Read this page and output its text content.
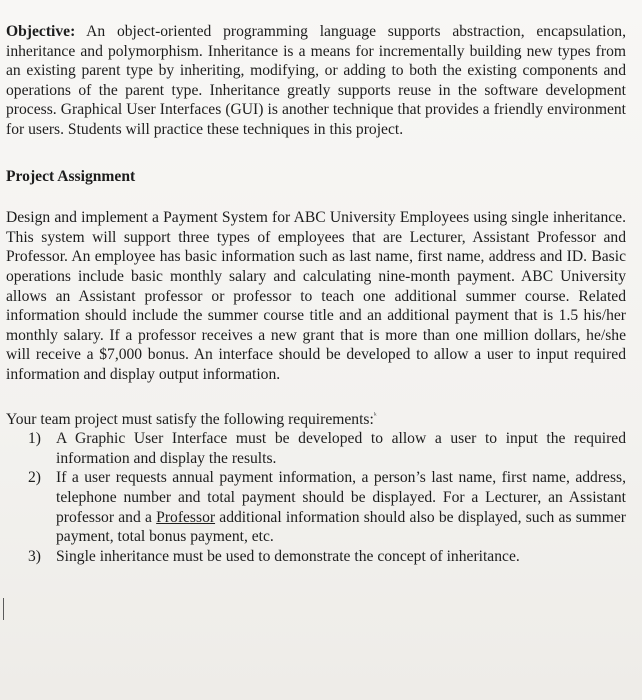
Objective: An object-oriented programming language supports abstraction, encapsulation, inheritance and polymorphism. Inheritance is a means for incrementally building new types from an existing parent type by inheriting, modifying, or adding to both the existing components and operations of the parent type. Inheritance greatly supports reuse in the software development process. Graphical User Interfaces (GUI) is another technique that provides a friendly environment for users. Students will practice these techniques in this project.

Project Assignment

Design and implement a Payment System for ABC University Employees using single inheritance. This system will support three types of employees that are Lecturer, Assistant Professor and Professor. An employee has basic information such as last name, first name, address and ID. Basic operations include basic monthly salary and calculating nine-month payment. ABC University allows an Assistant professor or professor to teach one additional summer course. Related information should include the summer course title and an additional payment that is 1.5 his/her monthly salary. If a professor receives a new grant that is more than one million dollars, he/she will receive a $7,000 bonus. An interface should be developed to allow a user to input required information and display output information.

Your team project must satisfy the following requirements:$^ᵏ$

1) A Graphic User Interface must be developed to allow a user to input the required information and display the results.
2) If a user requests annual payment information, a person’s last name, first name, address, telephone number and total payment should be displayed. For a Lecturer, an Assistant professor and a Professor additional information should also be displayed, such as summer payment, total bonus payment, etc.
3) Single inheritance must be used to demonstrate the concept of inheritance.
